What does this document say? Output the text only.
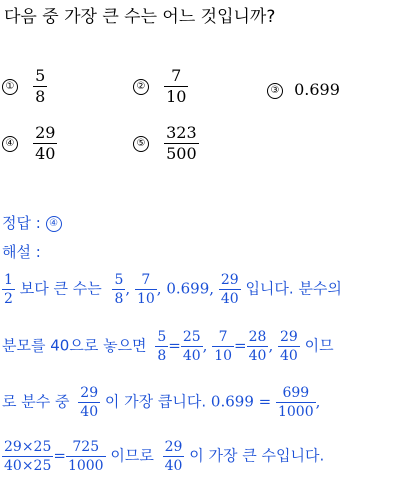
다음 중 가장 큰 수는 어느 것입니까?
① $\frac{5}{8}$	② $\frac{7}{10}$	③ 0.699
④ $\frac{29}{40}$	⑤ $\frac{323}{500}$
정답 : ④
해설 :
$\frac{1}{2}$ 보다 큰 수는 $\frac{5}{8}$ , $\frac{7}{10}$ , 0.699, $\frac{29}{40}$ 입니다. 분수의
분모를 40으로 놓으면 $\frac{5}{8} = \frac{25}{40}$ , $\frac{7}{10} = \frac{28}{40}$ , $\frac{29}{40}$ 이므
로 분수 중 $\frac{29}{40}$ 이 가장 큽니다. $0.699 = \frac{699}{1000}$ ,
$\frac{29\times 25}{40\times 25} = \frac{725}{1000}$ 이므로 $\frac{29}{40}$ 이 가장 큰 수입니다.
